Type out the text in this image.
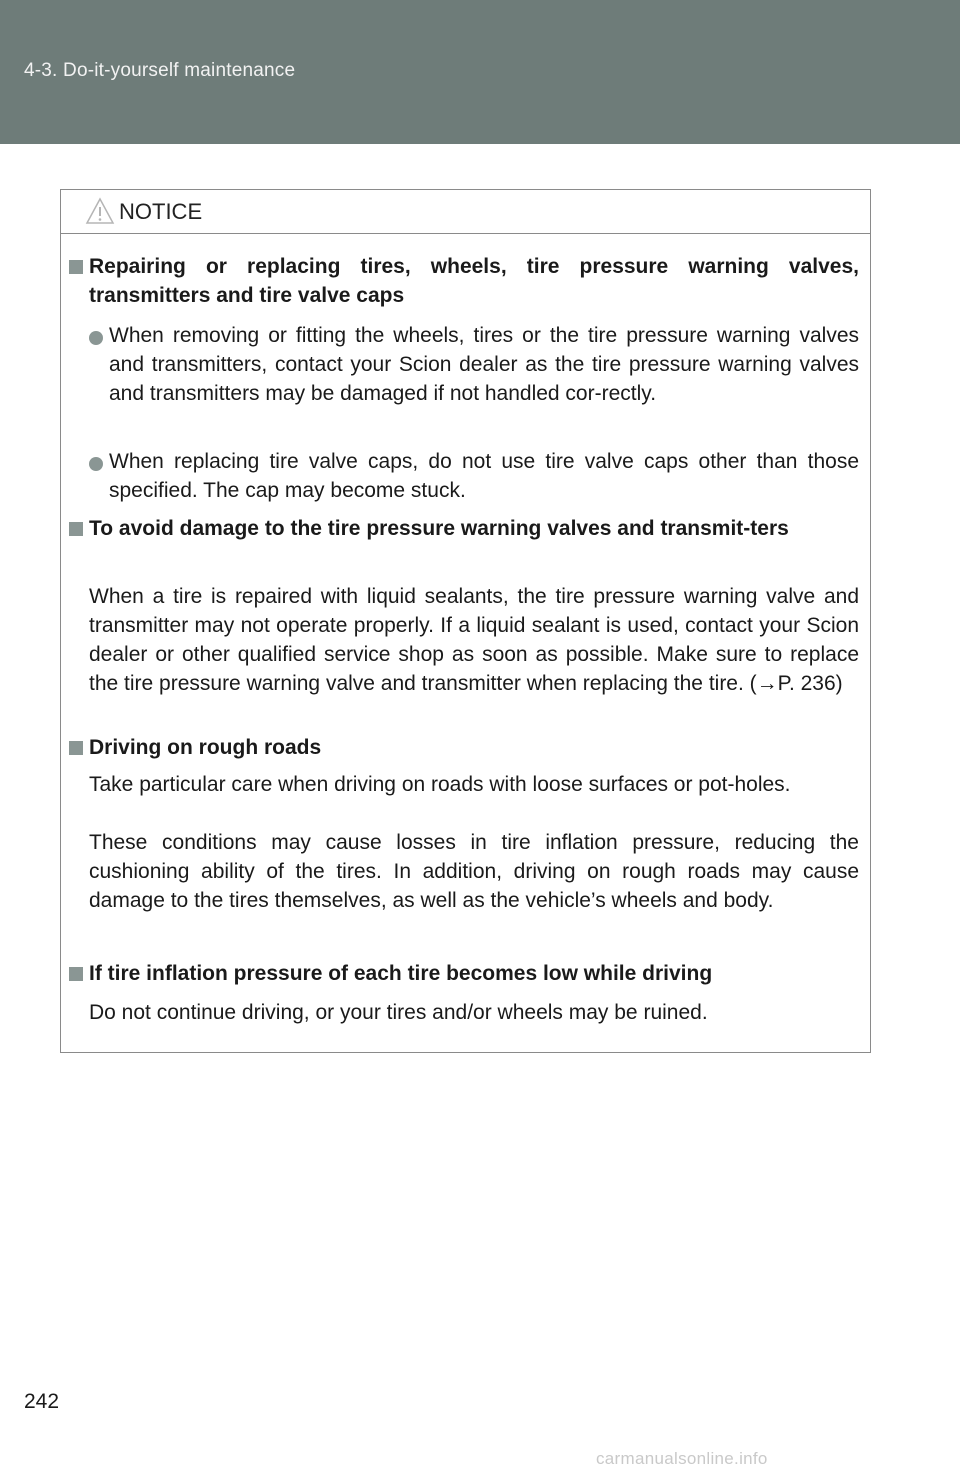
4-3. Do-it-yourself maintenance
NOTICE
Repairing or replacing tires, wheels, tire pressure warning valves, transmitters and tire valve caps
When removing or fitting the wheels, tires or the tire pressure warning valves and transmitters, contact your Scion dealer as the tire pressure warning valves and transmitters may be damaged if not handled cor-rectly.
When replacing tire valve caps, do not use tire valve caps other than those specified. The cap may become stuck.
To avoid damage to the tire pressure warning valves and transmit-ters
When a tire is repaired with liquid sealants, the tire pressure warning valve and transmitter may not operate properly. If a liquid sealant is used, contact your Scion dealer or other qualified service shop as soon as possible. Make sure to replace the tire pressure warning valve and transmitter when replacing the tire. (→P. 236)
Driving on rough roads
Take particular care when driving on roads with loose surfaces or pot-holes.
These conditions may cause losses in tire inflation pressure, reducing the cushioning ability of the tires. In addition, driving on rough roads may cause damage to the tires themselves, as well as the vehicle’s wheels and body.
If tire inflation pressure of each tire becomes low while driving
Do not continue driving, or your tires and/or wheels may be ruined.
242
carmanualsonline.info
